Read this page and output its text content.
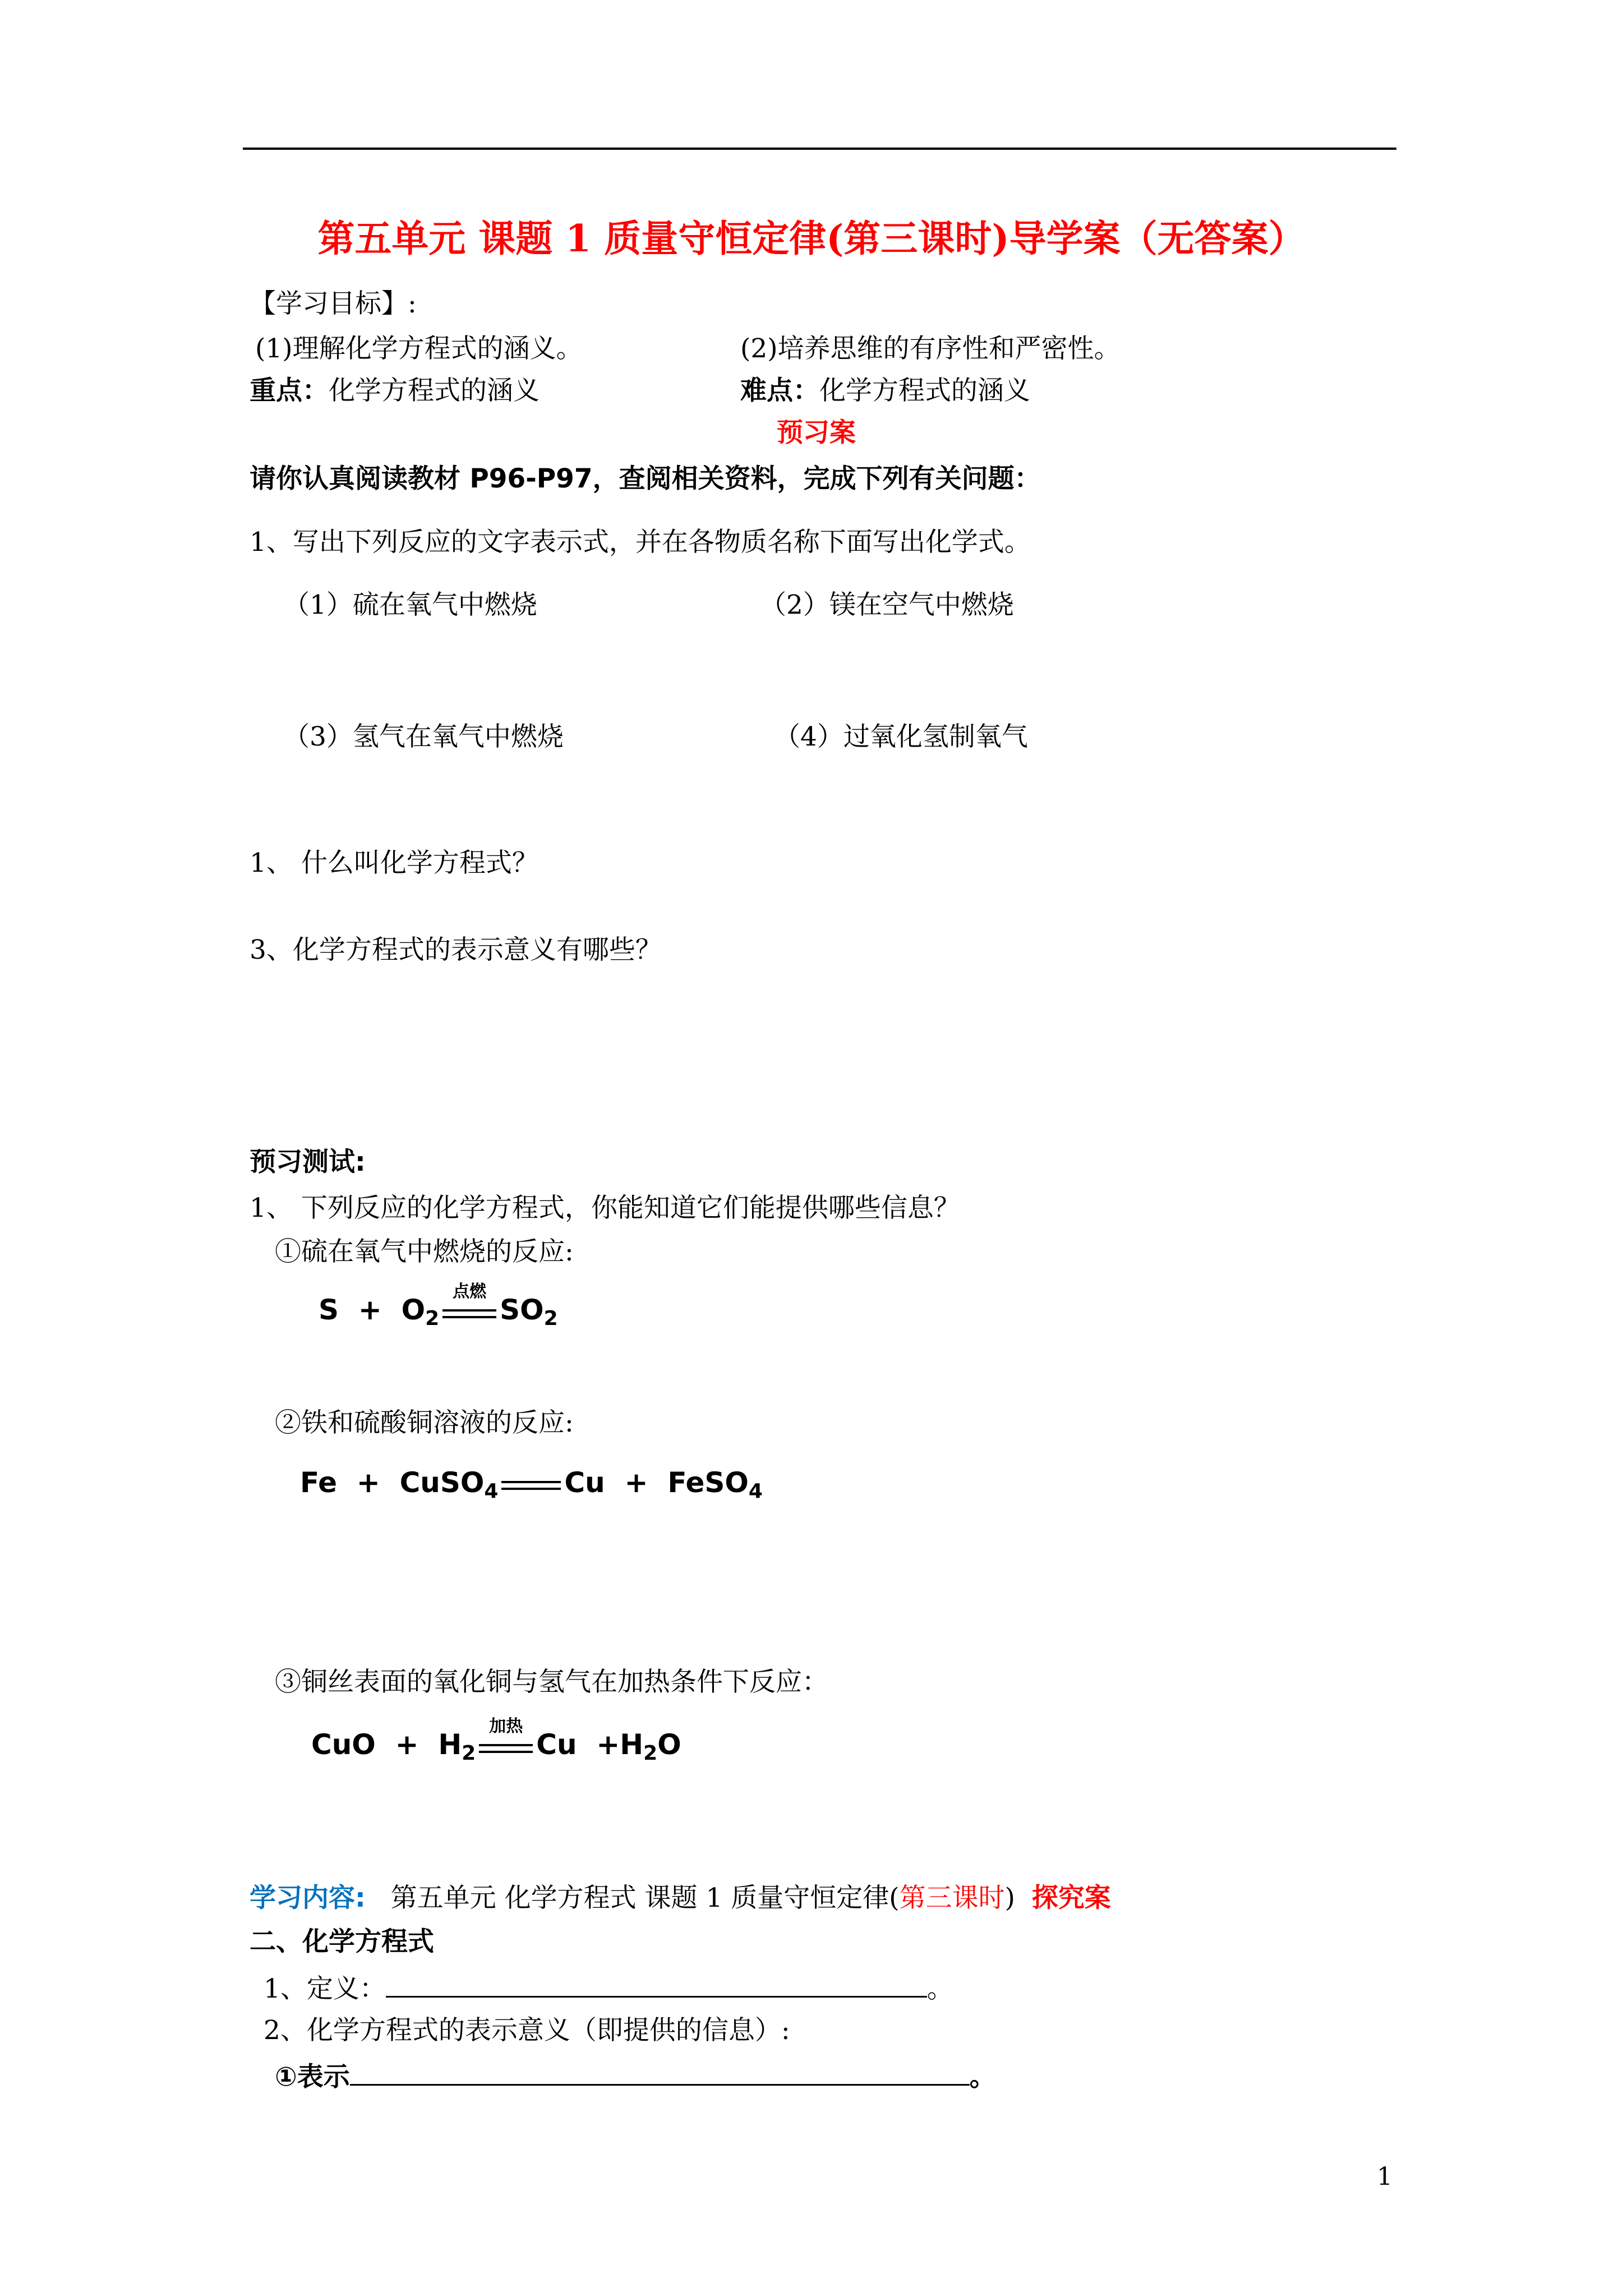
第五单元 课题 1 质量守恒定律(第三课时)导学案（无答案）
【学习目标】:
(1)理解化学方程式的涵义。	(2)培养思维的有序性和严密性。
重点：化学方程式的涵义	难点：化学方程式的涵义
预习案
请你认真阅读教材 P96-P97，查阅相关资料，完成下列有关问题：
1、写出下列反应的文字表示式，并在各物质名称下面写出化学式。
（1）硫在氧气中燃烧	（2）镁在空气中燃烧
（3）氢气在氧气中燃烧	（4）过氧化氢制氧气
1、 什么叫化学方程式？
3、化学方程式的表示意义有哪些？
预习测试:
1、 下列反应的化学方程式，你能知道它们能提供哪些信息？
①硫在氧气中燃烧的反应:
$S + O_2$
点燃
$SO_2$
②铁和硫酸铜溶液的反应:
Fe + CuSO$_4$ Cu + FeSO$_4$
③铜丝表面的氧化铜与氢气在加热条件下反应：
CuO + $H_2$
加热
$Cu +H_2O$
学习内容: 第五单元 化学方程式 课题 1 质量守恒定律(第三课时) 探究案
二、化学方程式
1、定义：	。
2、化学方程式的表示意义（即提供的信息）:
①表示	。
1
